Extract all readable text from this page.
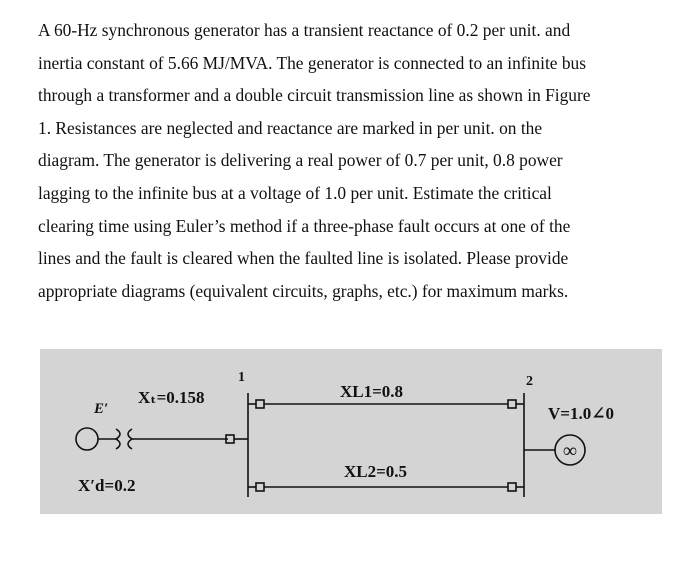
A 60-Hz synchronous generator has a transient reactance of 0.2 per unit. and
inertia constant of 5.66 MJ/MVA. The generator is connected to an infinite bus
through a transformer and a double circuit transmission line as shown in Figure
1. Resistances are neglected and reactance are marked in per unit. on the
diagram. The generator is delivering a real power of 0.7 per unit, 0.8 power
lagging to the infinite bus at a voltage of 1.0 per unit. Estimate the critical
clearing time using Euler’s method if a three-phase fault occurs at one of the
lines and the fault is cleared when the faulted line is isolated. Please provide
appropriate diagrams (equivalent circuits, graphs, etc.) for maximum marks.
∞
1	2
E′
Xₜ=0.158
X′d=0.2
XL1=0.8
XL2=0.5
V=1.0∠0
